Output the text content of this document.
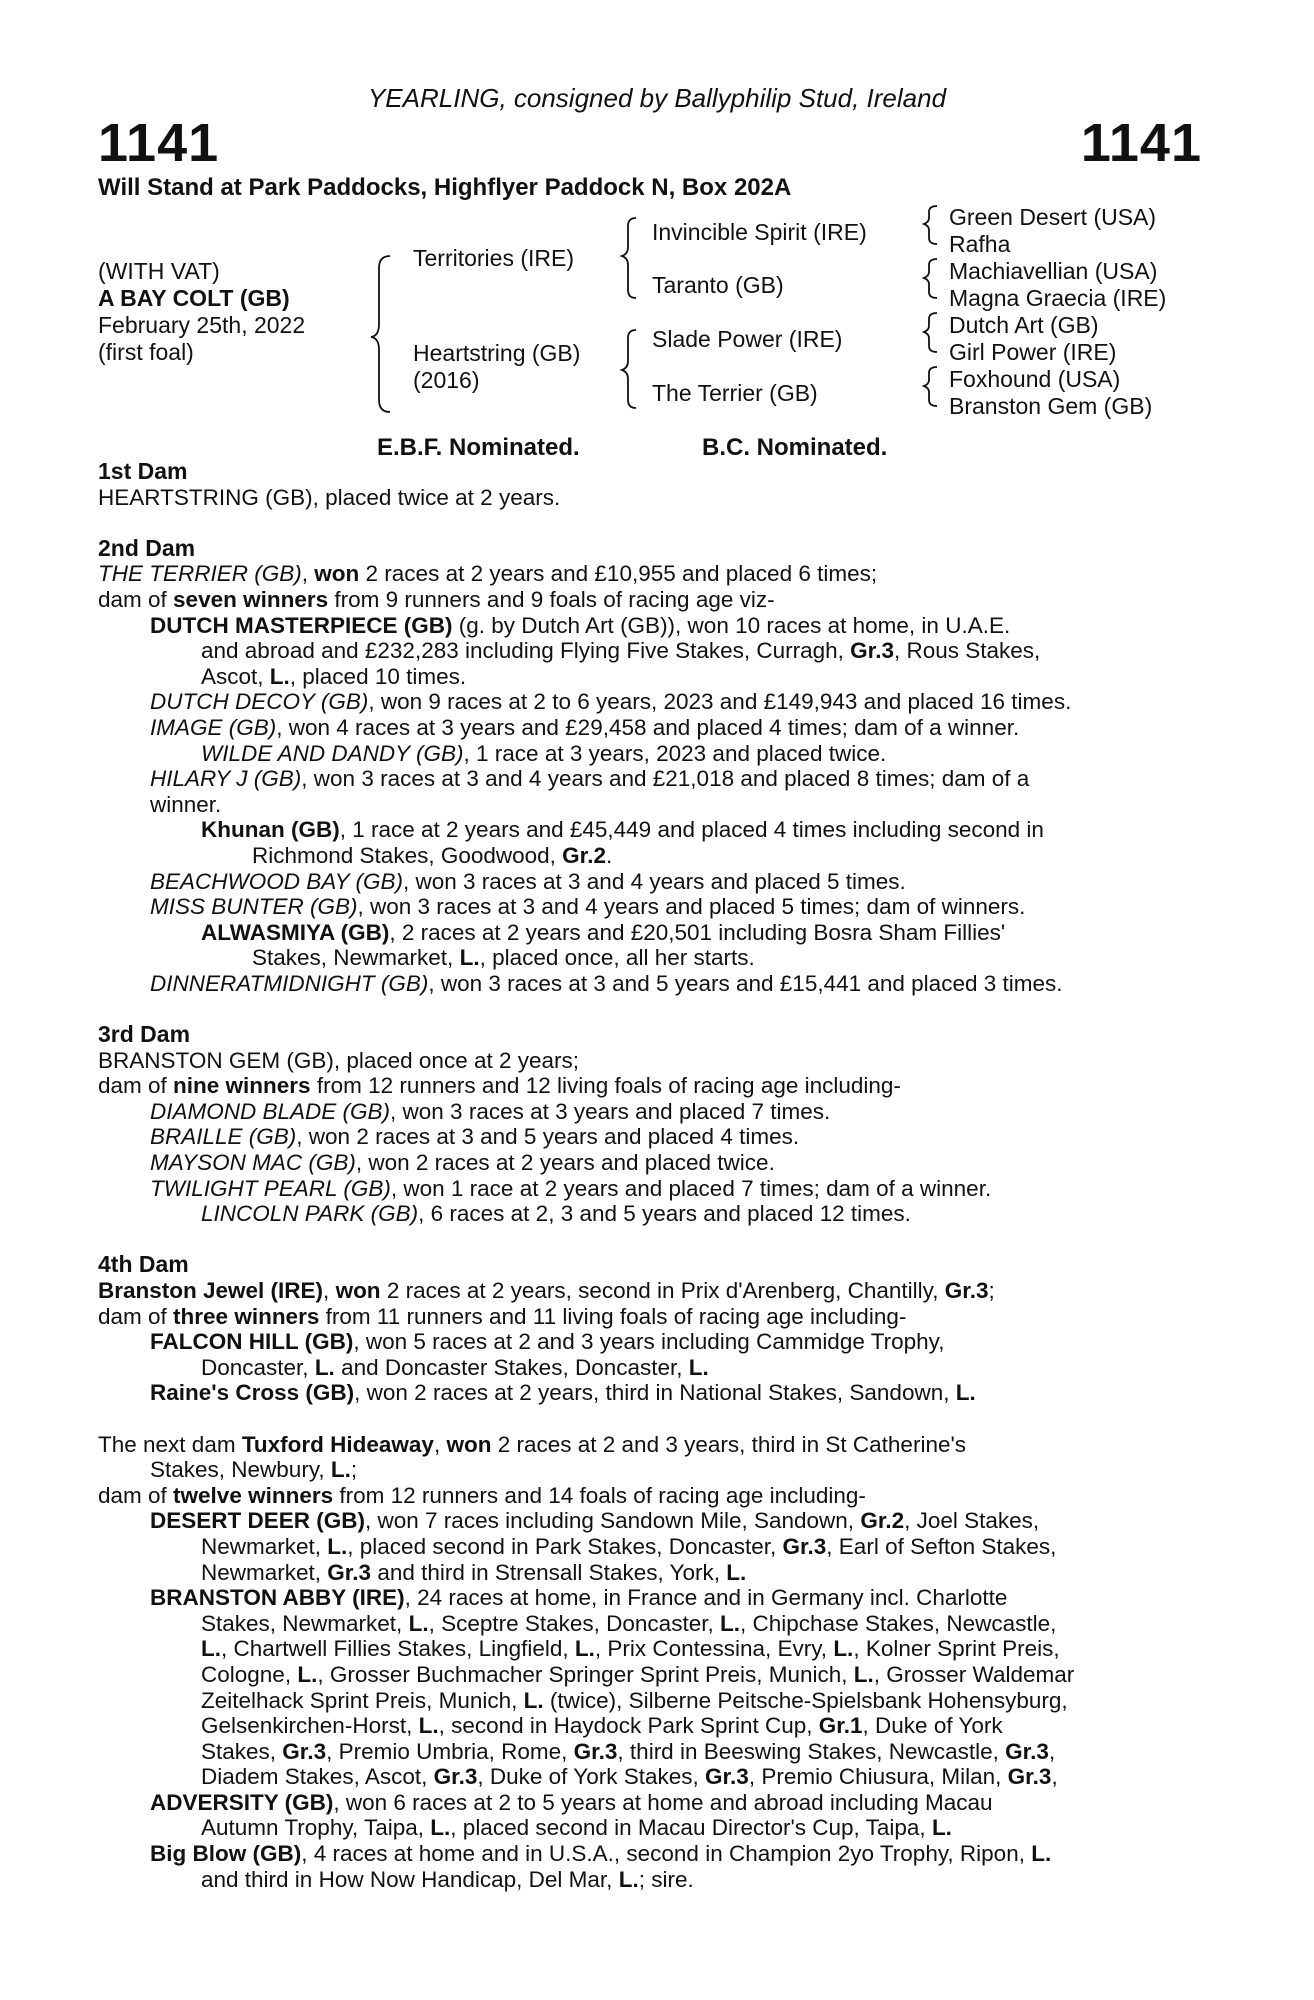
YEARLING, consigned by Ballyphilip Stud, Ireland
1141	1141
Will Stand at Park Paddocks, Highflyer Paddock N, Box 202A
(WITH VAT)
A BAY COLT (GB)
February 25th, 2022
(first foal)
Territories (IRE)
Heartstring (GB)
(2016)
Invincible Spirit (IRE)
Taranto (GB)
Slade Power (IRE)
The Terrier (GB)
Green Desert (USA)
Rafha
Machiavellian (USA)
Magna Graecia (IRE)
Dutch Art (GB)
Girl Power (IRE)
Foxhound (USA)
Branston Gem (GB)
E.B.F. Nominated.	B.C. Nominated.
1st Dam
HEARTSTRING (GB), placed twice at 2 years.
2nd Dam
THE TERRIER (GB), won 2 races at 2 years and £10,955 and placed 6 times;
dam of seven winners from 9 runners and 9 foals of racing age viz-
DUTCH MASTERPIECE (GB) (g. by Dutch Art (GB)), won 10 races at home, in U.A.E.
and abroad and £232,283 including Flying Five Stakes, Curragh, Gr.3, Rous Stakes,
Ascot, L., placed 10 times.
DUTCH DECOY (GB), won 9 races at 2 to 6 years, 2023 and £149,943 and placed 16 times.
IMAGE (GB), won 4 races at 3 years and £29,458 and placed 4 times; dam of a winner.
WILDE AND DANDY (GB), 1 race at 3 years, 2023 and placed twice.
HILARY J (GB), won 3 races at 3 and 4 years and £21,018 and placed 8 times; dam of a
winner.
Khunan (GB), 1 race at 2 years and £45,449 and placed 4 times including second in
Richmond Stakes, Goodwood, Gr.2.
BEACHWOOD BAY (GB), won 3 races at 3 and 4 years and placed 5 times.
MISS BUNTER (GB), won 3 races at 3 and 4 years and placed 5 times; dam of winners.
ALWASMIYA (GB), 2 races at 2 years and £20,501 including Bosra Sham Fillies'
Stakes, Newmarket, L., placed once, all her starts.
DINNERATMIDNIGHT (GB), won 3 races at 3 and 5 years and £15,441 and placed 3 times.
3rd Dam
BRANSTON GEM (GB), placed once at 2 years;
dam of nine winners from 12 runners and 12 living foals of racing age including-
DIAMOND BLADE (GB), won 3 races at 3 years and placed 7 times.
BRAILLE (GB), won 2 races at 3 and 5 years and placed 4 times.
MAYSON MAC (GB), won 2 races at 2 years and placed twice.
TWILIGHT PEARL (GB), won 1 race at 2 years and placed 7 times; dam of a winner.
LINCOLN PARK (GB), 6 races at 2, 3 and 5 years and placed 12 times.
4th Dam
Branston Jewel (IRE), won 2 races at 2 years, second in Prix d'Arenberg, Chantilly, Gr.3;
dam of three winners from 11 runners and 11 living foals of racing age including-
FALCON HILL (GB), won 5 races at 2 and 3 years including Cammidge Trophy,
Doncaster, L. and Doncaster Stakes, Doncaster, L.
Raine's Cross (GB), won 2 races at 2 years, third in National Stakes, Sandown, L.
The next dam Tuxford Hideaway, won 2 races at 2 and 3 years, third in St Catherine's
Stakes, Newbury, L.;
dam of twelve winners from 12 runners and 14 foals of racing age including-
DESERT DEER (GB), won 7 races including Sandown Mile, Sandown, Gr.2, Joel Stakes,
Newmarket, L., placed second in Park Stakes, Doncaster, Gr.3, Earl of Sefton Stakes,
Newmarket, Gr.3 and third in Strensall Stakes, York, L.
BRANSTON ABBY (IRE), 24 races at home, in France and in Germany incl. Charlotte
Stakes, Newmarket, L., Sceptre Stakes, Doncaster, L., Chipchase Stakes, Newcastle,
L., Chartwell Fillies Stakes, Lingfield, L., Prix Contessina, Evry, L., Kolner Sprint Preis,
Cologne, L., Grosser Buchmacher Springer Sprint Preis, Munich, L., Grosser Waldemar
Zeitelhack Sprint Preis, Munich, L. (twice), Silberne Peitsche-Spielsbank Hohensyburg,
Gelsenkirchen-Horst, L., second in Haydock Park Sprint Cup, Gr.1, Duke of York
Stakes, Gr.3, Premio Umbria, Rome, Gr.3, third in Beeswing Stakes, Newcastle, Gr.3,
Diadem Stakes, Ascot, Gr.3, Duke of York Stakes, Gr.3, Premio Chiusura, Milan, Gr.3,
ADVERSITY (GB), won 6 races at 2 to 5 years at home and abroad including Macau
Autumn Trophy, Taipa, L., placed second in Macau Director's Cup, Taipa, L.
Big Blow (GB), 4 races at home and in U.S.A., second in Champion 2yo Trophy, Ripon, L.
and third in How Now Handicap, Del Mar, L.; sire.
